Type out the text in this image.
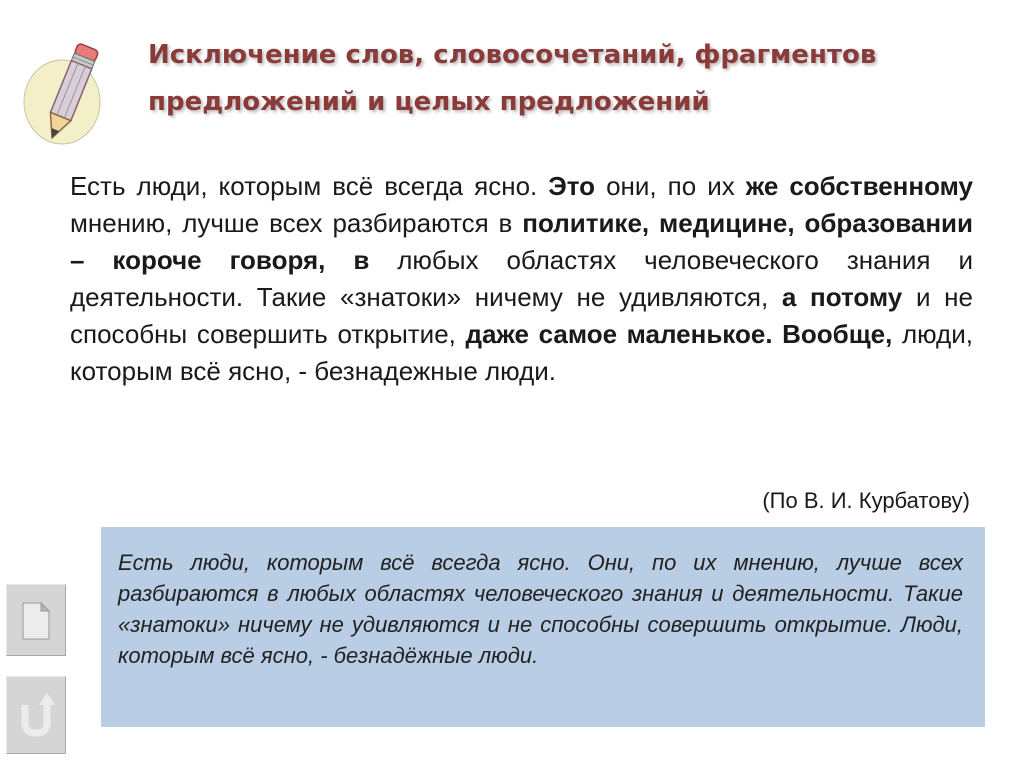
Исключение слов, словосочетаний, фрагментов
предложений и целых предложений
Есть люди, которым всё всегда ясно. Это они, по их же собственному мнению, лучше всех разбираются в политике, медицине, образовании – короче говоря, в любых областях человеческого знания и деятельности. Такие «знатоки» ничему не удивляются, а потому и не способны совершить открытие, даже самое маленькое. Вообще, люди, которым всё ясно, - безнадежные люди.
(По В. И. Курбатову)
Есть люди, которым всё всегда ясно. Они, по их мнению, лучше всех разбираются в любых областях человеческого знания и деятельности. Такие «знатоки» ничему не удивляются и не способны совершить открытие. Люди, которым всё ясно, - безнадёжные люди.
